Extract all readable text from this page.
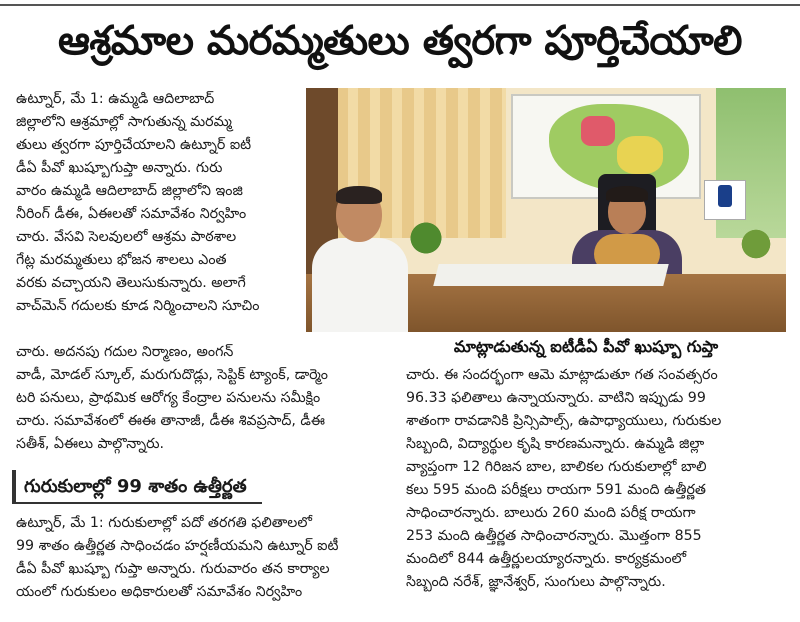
ఆశ్రమాల మరమ్మతులు త్వరగా పూర్తిచేయాలి
ఉట్నూర్, మే 1: ఉమ్మడి ఆదిలాబాద్
జిల్లాలోని ఆశ్రమాల్లో సాగుతున్న మరమ్మ
తులు త్వరగా పూర్తిచేయాలని ఉట్నూర్ ఐటీ
డీఏ పీవో ఖుష్బూగుప్తా అన్నారు. గురు
వారం ఉమ్మడి ఆదిలాబాద్ జిల్లాలోని ఇంజి
నీరింగ్ డీఈ, ఏఈలతో సమావేశం నిర్వహిం
చారు. వేసవి సెలవులలో ఆశ్రమ పాఠశాల
గేట్ల మరమ్మతులు భోజన శాలలు ఎంత
వరకు వచ్చాయని తెలుసుకున్నారు. అలాగే
వాచ్‌మెన్ గదులకు కూడ నిర్మించాలని సూచిం
మాట్లాడుతున్న ఐటీడీఏ పీవో ఖుష్బూ గుప్తా
చారు. అదనపు గదుల నిర్మాణం, అంగన్
వాడీ, మోడల్ స్కూల్, మరుగుదొడ్లు, సెప్టిక్ ట్యాంక్, డార్మెం
టరి పనులు, ప్రాథమిక ఆరోగ్య కేంద్రాల పనులను సమీక్షిం
చారు. సమావేశంలో ఈఈ తానాజీ, డీఈ శివప్రసాద్, డీఈ
సతీశ్, ఏఈలు పాల్గొన్నారు.
చారు. ఈ సందర్భంగా ఆమె మాట్లాడుతూ గత సంవత్సరం
96.33 ఫలితాలు ఉన్నాయన్నారు. వాటిని ఇప్పుడు 99
శాతంగా రావడానికి ప్రిన్సిపాల్స్, ఉపాధ్యాయులు, గురుకుల
సిబ్బంది, విద్యార్థుల కృషి కారణమన్నారు. ఉమ్మడి జిల్లా
వ్యాప్తంగా 12 గిరిజన బాల, బాలికల గురుకులాల్లో బాలి
కలు 595 మంది పరీక్షలు రాయగా 591 మంది ఉత్తీర్ణత
సాధించారన్నారు. బాలురు 260 మంది పరీక్ష రాయగా
253 మంది ఉత్తీర్ణత సాధించారన్నారు. మొత్తంగా 855
మందిలో 844 ఉత్తీర్ణులయ్యారన్నారు. కార్యక్రమంలో
సిబ్బంది నరేశ్, జ్ఞానేశ్వర్, సుంగులు పాల్గొన్నారు.
గురుకులాల్లో 99 శాతం ఉత్తీర్ణత
ఉట్నూర్, మే 1: గురుకులాల్లో పదో తరగతి ఫలితాలలో
99 శాతం ఉత్తీర్ణత సాధించడం హర్షణీయమని ఉట్నూర్ ఐటీ
డీఏ పీవో ఖుష్బూ గుప్తా అన్నారు. గురువారం తన కార్యాల
యంలో గురుకులం అధికారులతో సమావేశం నిర్వహిం
